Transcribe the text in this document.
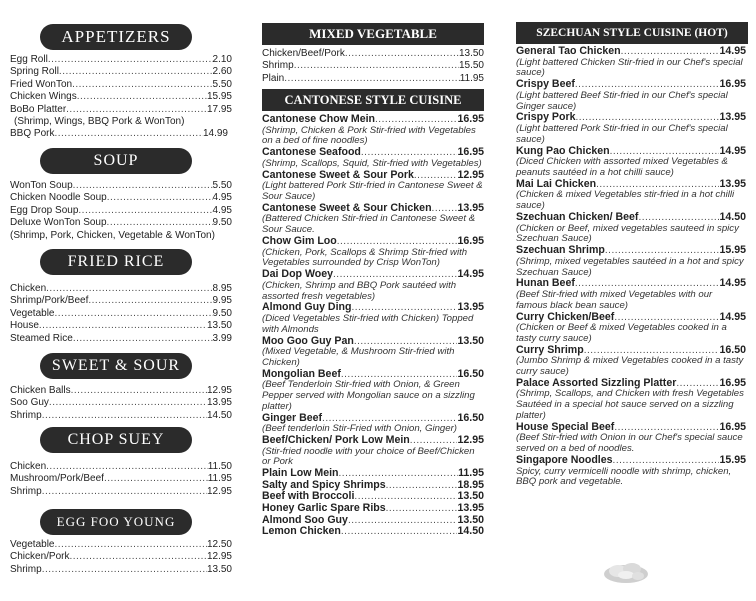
APPETIZERS
Egg Roll .....	2.10
Spring Roll .....	2.60
Fried WonTon .....	5.50
Chicken Wings .....	15.95
BoBo Platter .....	17.95
(Shrimp, Wings, BBQ Pork & WonTon)
BBQ Pork .....	14.99
SOUP
WonTon Soup .....	5.50
Chicken Noodle Soup .....	4.95
Egg Drop Soup .....	4.95
Deluxe WonTon Soup .....	9.50
(Shrimp, Pork, Chicken, Vegetable & WonTon)
FRIED RICE
Chicken .....	8.95
Shrimp/Pork/Beef .....	9.95
Vegetable .....	9.50
House .....	13.50
Steamed Rice .....	3.99
SWEET & SOUR
Chicken Balls .....	12.95
Soo Guy .....	13.95
Shrimp .....	14.50
CHOP SUEY
Chicken .....	11.50
Mushroom/Pork/Beef .....	11.95
Shrimp .....	12.95
EGG FOO YOUNG
Vegetable .....	12.50
Chicken/Pork .....	12.95
Shrimp .....	13.50
MIXED VEGETABLE
Chicken/Beef/Pork .....	13.50
Shrimp .....	15.50
Plain .....	11.95
CANTONESE STYLE CUISINE
Cantonese Chow Mein .....	16.95
(Shrimp, Chicken & Pork Stir-fried with Vegetables on a bed of fine noodles)
Cantonese Seafood .....	16.95
(Shrimp, Scallops, Squid, Stir-fried with Vegetables)
Cantonese Sweet & Sour Pork .....	12.95
(Light battered Pork Stir-fried in Cantonese Sweet & Sour Sauce)
Cantonese Sweet & Sour Chicken ..... 13.95
(Battered Chicken Stir-fried in Cantonese Sweet & Sour Sauce.
Chow Gim Loo .....	16.95
(Chicken, Pork, Scallops & Shrimp Stir-fried with Vegetables surrounded by Crisp WonTon)
Dai Dop Woey .....	14.95
(Chicken, Shrimp and BBQ Pork sautéed with assorted fresh vegetables)
Almond Guy Ding .....	13.95
(Diced Vegetables Stir-fried with Chicken) Topped with Almonds
Moo Goo Guy Pan .....	13.50
(Mixed Vegetable, & Mushroom Stir-fried with Chicken)
Mongolian Beef .....	16.50
(Beef Tenderloin Stir-fried with Onion, & Green Pepper served with Mongolian sauce on a sizzling platter)
Ginger Beef .....	16.50
(Beef tenderloin Stir-Fried with Onion, Ginger)
Beef/Chicken/ Pork Low Mein .....	12.95
(Stir-fried noodle with your choice of Beef/Chicken or Pork
Plain Low Mein .....	11.95
Salty and Spicy Shrimps .....	18.95
Beef with Broccoli .....	13.50
Honey Garlic Spare Ribs .....	13.95
Almond Soo Guy .....	13.50
Lemon Chicken .....	14.50
SZECHUAN STYLE CUISINE (HOT)
General Tao Chicken .....	14.95
(Light battered Chicken Stir-fried in our Chef's special sauce)
Crispy Beef .....	16.95
(Light battered Beef Stir-fried in our Chef's special Ginger sauce)
Crispy Pork .....	13.95
(Light battered Pork Stir-fried in our Chef's special sauce)
Kung Pao Chicken .....	14.95
(Diced Chicken with assorted mixed Vegetables & peanuts sautéed in a hot chilli sauce)
Mai Lai Chicken .....	13.95
(Chicken & mixed Vegetables stir-fried in a hot chilli sauce)
Szechuan Chicken/ Beef .....	14.50
(Chicken or Beef, mixed vegetables sauteed in spicy Szechuan Sauce)
Szechuan Shrimp .....	15.95
(Shrimp, mixed vegetables sautéed in a hot and spicy Szechuan Sauce)
Hunan Beef .....	14.95
(Beef Stir-fried with mixed Vegetables with our famous black bean sauce)
Curry Chicken/Beef .....	14.95
(Chicken or Beef & mixed Vegetables cooked in a tasty curry sauce)
Curry Shrimp .....	16.50
(Jumbo Shrimp & mixed Vegetables cooked in a tasty curry sauce)
Palace Assorted Sizzling Platter .....	16.95
(Shrimp, Scallops, and Chicken with fresh Vegetables Sautéed in a special hot sauce served on a sizzling platter)
House Special Beef .....	16.95
(Beef Stir-fried with Onion in our Chef's special sauce served on a bed of noodles.
Singapore Noodles .....	15.95
Spicy, curry vermicelli noodle with shrimp, chicken, BBQ pork and vegetable.
